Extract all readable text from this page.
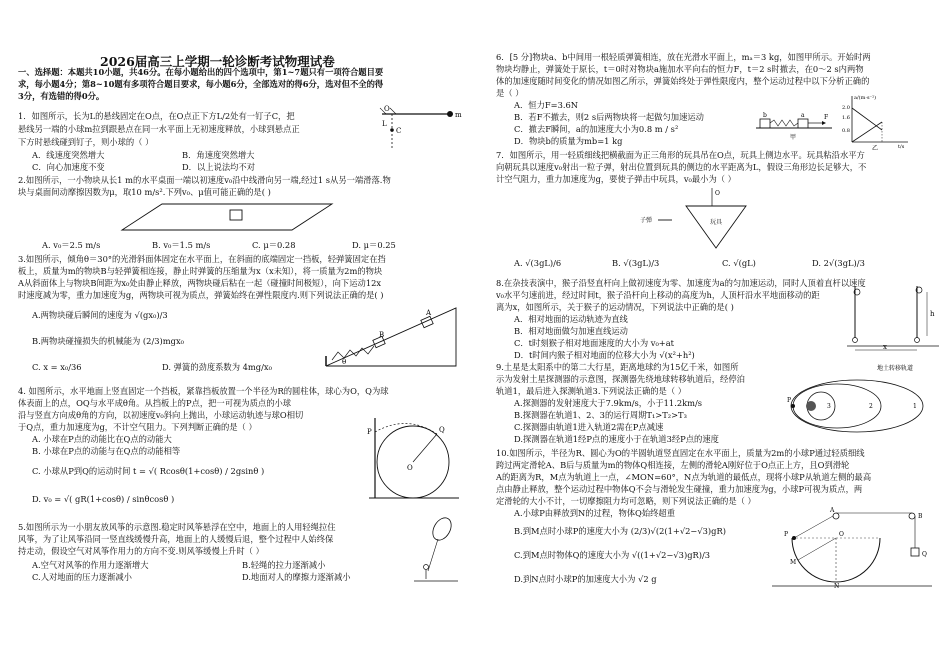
2026届高三上学期一轮诊断考试物理试卷
一、选择题：本题共10小题，共46分。在每小题给出的四个选项中，第1~7题只有一项符合题目要
求，每小题4分；第8~10题有多项符合题目要求，每小题6分，全部选对的得6分，选对但不全的得
3分，有选错的得0分。
1．如图所示，长为L的悬线固定在O点，在O点正下方L/2处有一钉子C，把
悬线另一端的小球m拉到跟悬点在同一水平面上无初速度释放，小球到悬点正
下方时悬线碰到钉子，则小球的（ ）
A．线速度突然增大	B．角速度突然增大
C．向心加速度不变	D．以上说法均不对
O
m
L
C
2.如图所示，一小物块从长1 m的水平桌面一端以初速度v₀沿中线滑向另一端,经过1 s从另一端滑落.物
块与桌面间动摩擦因数为μ，取10 m/s².下列v₀、μ值可能正确的是( )
A. v₀＝2.5 m/s	B. v₀＝1.5 m/s	C. μ＝0.28	D. μ＝0.25
3.如图所示，倾角θ＝30°的光滑斜面体固定在水平面上，在斜面的底端固定一挡板，轻弹簧固定在挡
板上，质量为m的物块B与轻弹簧相连接，静止时弹簧的压缩量为x（x未知），将一质量为2m的物块
A从斜面体上与物块B间距为x₀处由静止释放，两物块碰后粘在一起（碰撞时间极短），向下运动12x
时速度减为零，重力加速度为g，两物块可视为质点，弹簧始终在弹性限度内.则下列说法正确的是( )
A.两物块碰后瞬间的速度为 √(gx₀)/3
B.两物块碰撞损失的机械能为 (2/3)mgx₀
C. x = x₀/36	D. 弹簧的劲度系数为 4mg/x₀
B
A
θ
4. 如图所示，水平地面上竖直固定一个挡板，紧靠挡板放置一个半径为R的圆柱体，球心为O，Q为球
体表面上的点，OQ与水平成θ角。从挡板上的P点，把一可视为质点的小球
沿与竖直方向成θ角的方向，以初速度v₀斜向上抛出，小球运动轨迹与球O相切
于Q点，重力加速度为g，不计空气阻力。下列判断正确的是（ ）
A. 小球在P点的动能比在Q点的动能大
B. 小球在P点的动能与在Q点的动能相等
C. 小球从P到Q的运动时间 t = √( Rcosθ(1+cosθ) / 2gsinθ )
D. v₀ = √( gR(1+cosθ) / sinθcosθ )
P
O
Q
5.如图所示为一小朋友放风筝的示意图.稳定时风筝悬浮在空中，地面上的人用轻绳拉住
风筝，为了让风筝沿同一竖直线缓慢升高，地面上的人缓慢后退，整个过程中人始终保
持走动，假设空气对风筝作用力的方向不变.则风筝缓慢上升时（ ）
A.空气对风筝的作用力逐渐增大	B.轻绳的拉力逐渐减小
C.人对地面的压力逐渐减小	D.地面对人的摩擦力逐渐减小
6．[5 分]物块a、b中间用一根轻质弹簧相连，放在光滑水平面上，mₐ＝3 kg，如图甲所示。开始时两
物块均静止，弹簧处于原长，t＝0时对物块a施加水平向右的恒力F，t＝2 s时撤去，在0～2 s内两物
体的加速度随时间变化的情况如图乙所示，弹簧始终处于弹性限度内，整个运动过程中以下分析正确的
是（ ）
A．恒力F=3.6N
B．若F不撤去，则2 s后两物块将一起做匀加速运动
C．撤去F瞬间，a的加速度大小为0.8 m / s²
D．物块b的质量为mb=1 kg
b	a	F
甲
a/(m·s⁻²)
2.0
1.6
0.8
t/s
乙
7．如图所示，用一轻质细线把横截面为正三角形的玩具吊在O点，玩具上侧边水平。玩具粘沿水平方
向朝玩具以速度v₀射出一粒子弹，射出位置到玩具的侧边的水平距离为L，假设三角形边长足够大，不
计空气阻力，重力加速度为g，要使子弹击中玩具，v₀最小为（ ）
O
子弹	玩具
A. √(3gL)/6	B. √(3gL)/3	C. √(gL)	D. 2√(3gL)/3
8.在杂技表演中，猴子沿竖直杆向上做初速度为零、加速度为a的匀加速运动，同时人顶着直杆以速度
v₀水平匀速前进，经过时间t，猴子沿杆向上移动的高度为h，人顶杆沿水平地面移动的距
离为x，如图所示，关于猴子的运动情况，下列说法中正确的是( )
A．相对地面的运动轨迹为直线
B．相对地面做匀加速直线运动
C．t时刻猴子相对地面速度的大小为 v₀+at
D．t时间内猴子相对地面的位移大小为 √(x²+h²)
h
x
9.土星是太阳系中的第二大行星，距离地球约为15亿千米，如图所
示为发射土星探测器的示意图，探测器先绕地球转移轨道后，经停泊
轨道1，最后进入探测轨道3.下列说法正确的是（ ）
A.探测器的发射速度大于7.9km/s，小于11.2km/s
B.探测器在轨道1、2、3的运行周期T₁>T₂>T₃
C.探测器由轨道1进入轨道2需在P点减速
D.探测器在轨道1经P点的速度小于在轨道3经P点的速度
地土转移轨道
P
3	2	1
10.如图所示，半径为R、圆心为O的半圆轨道竖直固定在水平面上，质量为2m的小球P通过轻质细线
跨过两定滑轮A、B后与质量为m的物体Q相连接，左侧的滑轮A刚好位于O点正上方，且O到滑轮
A的距离为R，M点为轨道上一点，∠MON=60°，N点为轨道的最低点，现将小球P从轨道左侧的最高
点由静止释放，整个运动过程中物体Q不会与滑轮发生碰撞，重力加速度为g，小球P可视为质点，两
定滑轮的大小不计，一切摩擦阻力均可忽略，则下列说法正确的是（ ）
A.小球P由释放到N的过程，物体Q始终超重
B.到M点时小球P的速度大小为 (2/3)√(2(1+√2−√3)gR)
C.到M点时物体Q的速度大小为 √((1+√2−√3)gR)/3
D.到N点时小球P的加速度大小为 √2 g
A
B
O
M
N
P
Q
